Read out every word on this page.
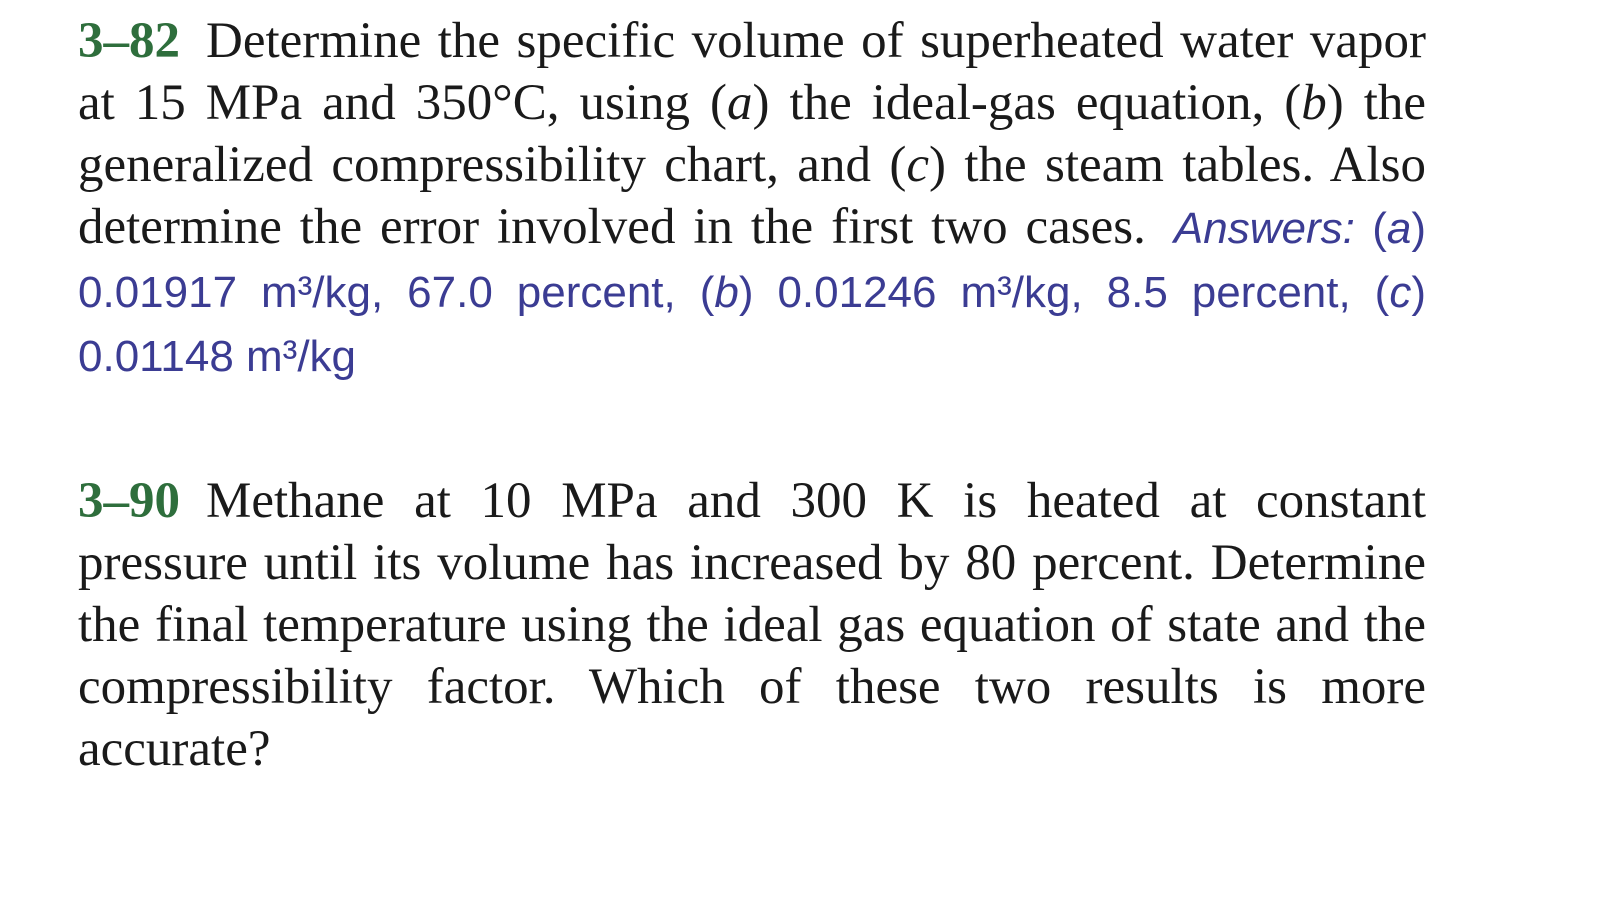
3–82 Determine the specific volume of superheated water vapor at 15 MPa and 350°C, using (a) the ideal-gas equation, (b) the generalized compressibility chart, and (c) the steam tables. Also determine the error involved in the first two cases. Answers: (a) 0.01917 m³/kg, 67.0 percent, (b) 0.01246 m³/kg, 8.5 percent, (c) 0.01148 m³/kg
3–90 Methane at 10 MPa and 300 K is heated at constant pressure until its volume has increased by 80 percent. Determine the final temperature using the ideal gas equation of state and the compressibility factor. Which of these two results is more accurate?
